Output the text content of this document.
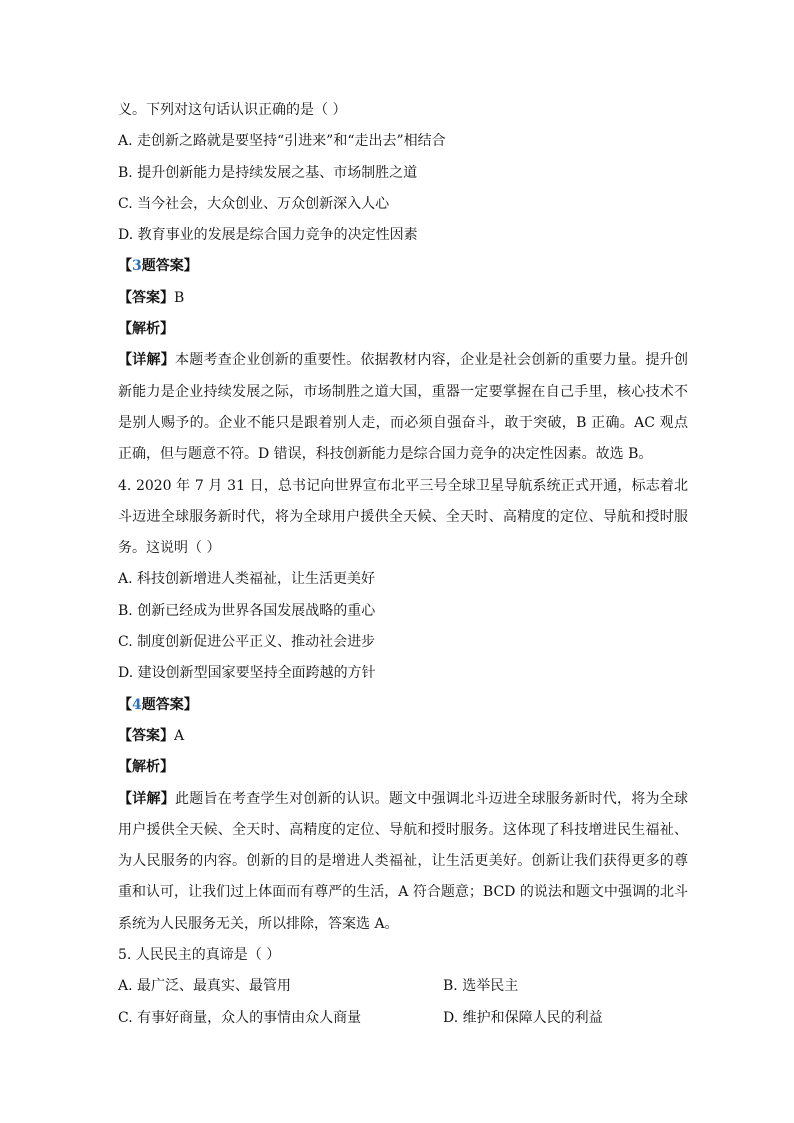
义。下列对这句话认识正确的是（ ）
A. 走创新之路就是要坚持“引进来”和“走出去”相结合
B. 提升创新能力是持续发展之基、市场制胜之道
C. 当今社会，大众创业、万众创新深入人心
D. 教育事业的发展是综合国力竞争的决定性因素
【3题答案】
【答案】B
【解析】
【详解】本题考查企业创新的重要性。依据教材内容，企业是社会创新的重要力量。提升创新能力是企业持续发展之际，市场制胜之道大国，重器一定要掌握在自己手里，核心技术不是别人赐予的。企业不能只是跟着别人走，而必须自强奋斗，敢于突破，B 正确。AC 观点正确，但与题意不符。D 错误，科技创新能力是综合国力竞争的决定性因素。故选 B。
4. 2020 年 7 月 31 日，总书记向世界宣布北平三号全球卫星导航系统正式开通，标志着北斗迈进全球服务新时代，将为全球用户援供全天候、全天时、高精度的定位、导航和授时服务。这说明（ ）
A. 科技创新增进人类福祉，让生活更美好
B. 创新已经成为世界各国发展战略的重心
C. 制度创新促进公平正义、推动社会进步
D. 建设创新型国家要坚持全面跨越的方针
【4题答案】
【答案】A
【解析】
【详解】此题旨在考查学生对创新的认识。题文中强调北斗迈进全球服务新时代，将为全球用户援供全天候、全天时、高精度的定位、导航和授时服务。这体现了科技增进民生福祉、为人民服务的内容。创新的目的是增进人类福祉，让生活更美好。创新让我们获得更多的尊重和认可，让我们过上体面而有尊严的生活，A 符合题意；BCD 的说法和题文中强调的北斗系统为人民服务无关，所以排除，答案选 A。
5. 人民民主的真谛是（ ）
A. 最广泛、最真实、最管用	B. 选举民主
C. 有事好商量，众人的事情由众人商量	D. 维护和保障人民的利益
